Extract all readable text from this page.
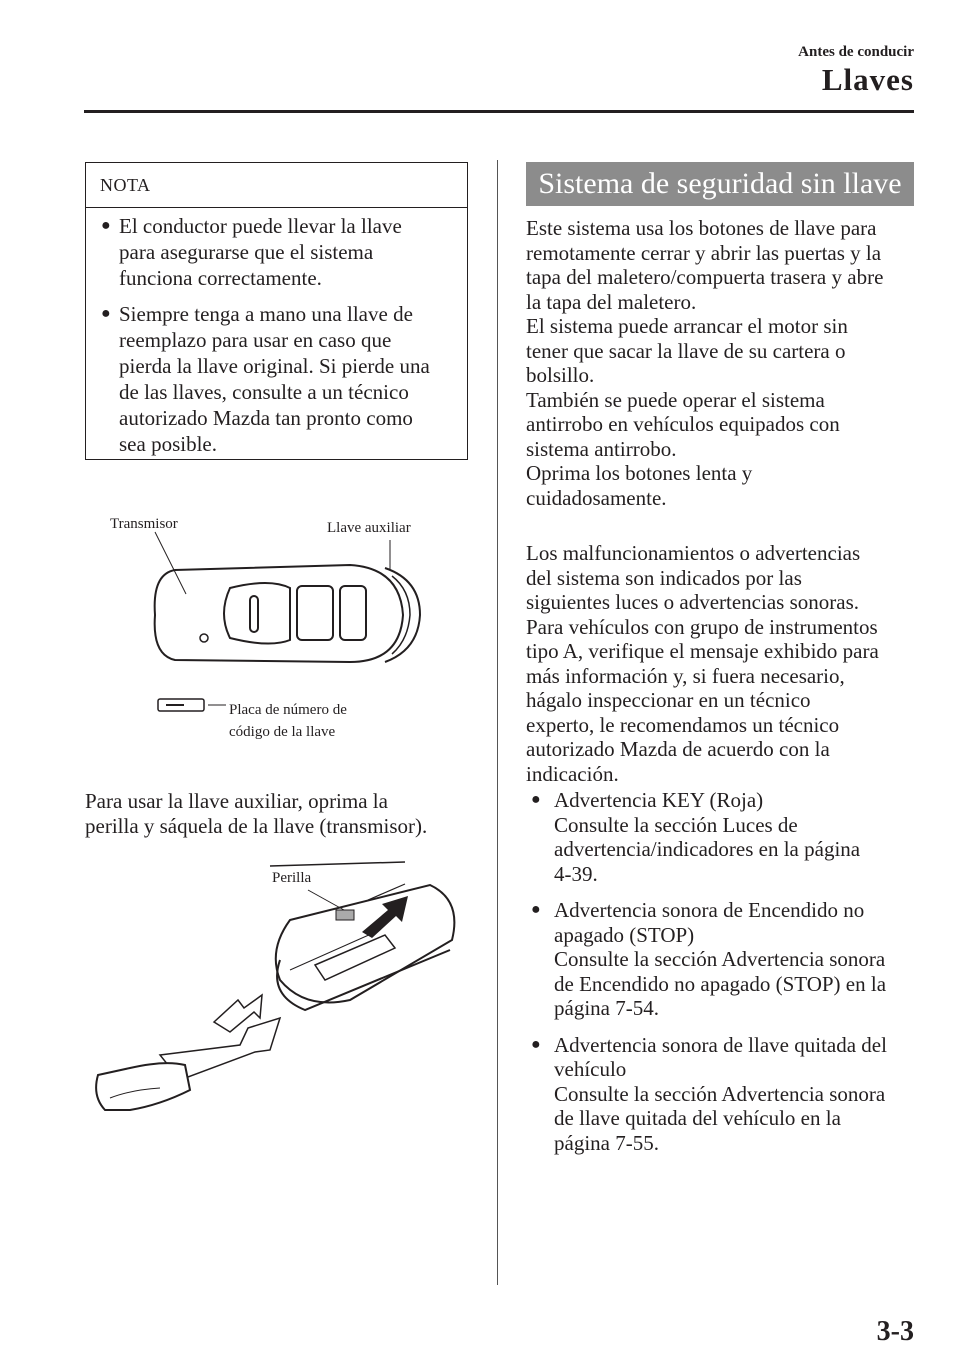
Antes de conducir
Llaves
NOTA
● El conductor puede llevar la llave
para asegurarse que el sistema
funciona correctamente.
● Siempre tenga a mano una llave de
reemplazo para usar en caso que
pierda la llave original. Si pierde una
de las llaves, consulte a un técnico
autorizado Mazda tan pronto como
sea posible.
Transmisor	Llave auxiliar
Placa de número de
código de la llave
Para usar la llave auxiliar, oprima la
perilla y sáquela de la llave (transmisor).
Perilla
Sistema de seguridad sin llave
Este sistema usa los botones de llave para
remotamente cerrar y abrir las puertas y la
tapa del maletero/compuerta trasera y abre
la tapa del maletero.
El sistema puede arrancar el motor sin
tener que sacar la llave de su cartera o
bolsillo.
También se puede operar el sistema
antirrobo en vehículos equipados con
sistema antirrobo.
Oprima los botones lenta y
cuidadosamente.
Los malfuncionamientos o advertencias
del sistema son indicados por las
siguientes luces o advertencias sonoras.
Para vehículos con grupo de instrumentos
tipo A, verifique el mensaje exhibido para
más información y, si fuera necesario,
hágalo inspeccionar en un técnico
experto, le recomendamos un técnico
autorizado Mazda de acuerdo con la
indicación.
● Advertencia KEY (Roja)
Consulte la sección Luces de
advertencia/indicadores en la página
4-39.
● Advertencia sonora de Encendido no
apagado (STOP)
Consulte la sección Advertencia sonora
de Encendido no apagado (STOP) en la
página 7-54.
● Advertencia sonora de llave quitada del
vehículo
Consulte la sección Advertencia sonora
de llave quitada del vehículo en la
página 7-55.
3-3
